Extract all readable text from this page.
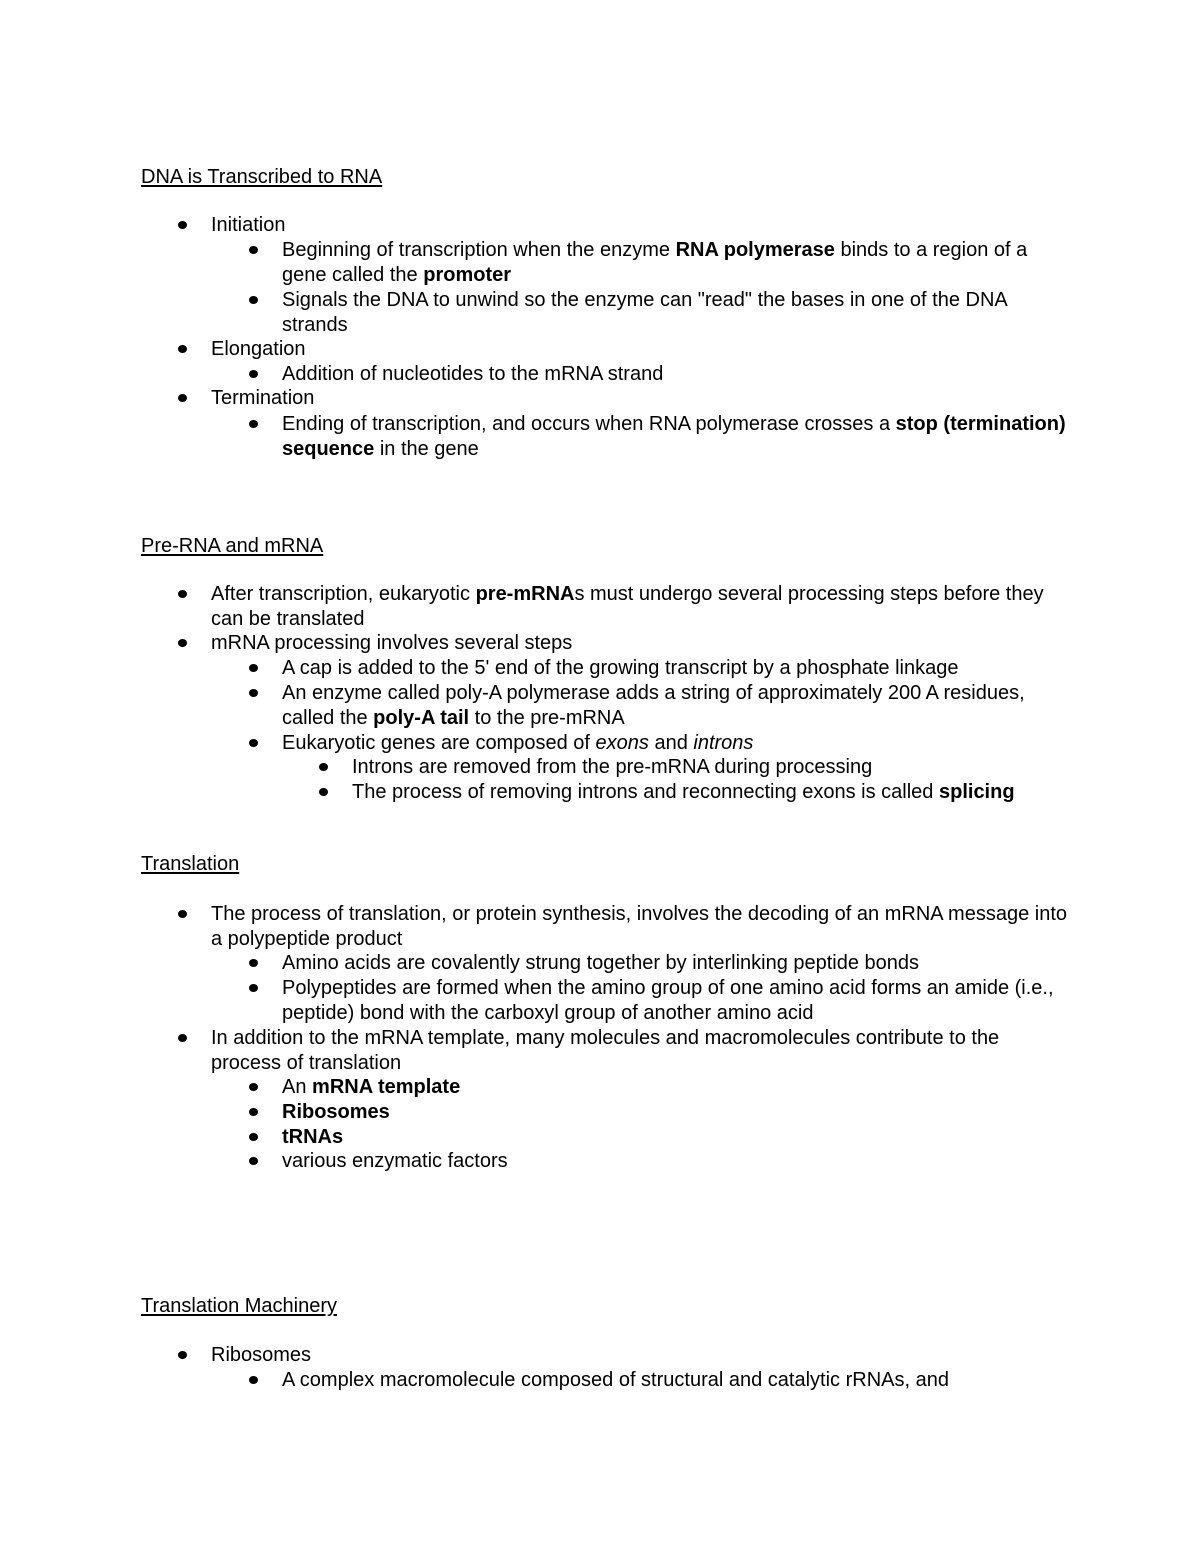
DNA is Transcribed to RNA
Initiation
Beginning of transcription when the enzyme RNA polymerase binds to a region of a gene called the promoter
Signals the DNA to unwind so the enzyme can "read" the bases in one of the DNA strands
Elongation
Addition of nucleotides to the mRNA strand
Termination
Ending of transcription, and occurs when RNA polymerase crosses a stop (termination) sequence in the gene
Pre-RNA and mRNA
After transcription, eukaryotic pre-mRNAs must undergo several processing steps before they can be translated
mRNA processing involves several steps
A cap is added to the 5' end of the growing transcript by a phosphate linkage
An enzyme called poly-A polymerase adds a string of approximately 200 A residues, called the poly-A tail to the pre-mRNA
Eukaryotic genes are composed of exons and introns
Introns are removed from the pre-mRNA during processing
The process of removing introns and reconnecting exons is called splicing
Translation
The process of translation, or protein synthesis, involves the decoding of an mRNA message into a polypeptide product
Amino acids are covalently strung together by interlinking peptide bonds
Polypeptides are formed when the amino group of one amino acid forms an amide (i.e., peptide) bond with the carboxyl group of another amino acid
In addition to the mRNA template, many molecules and macromolecules contribute to the process of translation
An mRNA template
Ribosomes
tRNAs
various enzymatic factors
Translation Machinery
Ribosomes
A complex macromolecule composed of structural and catalytic rRNAs, and
